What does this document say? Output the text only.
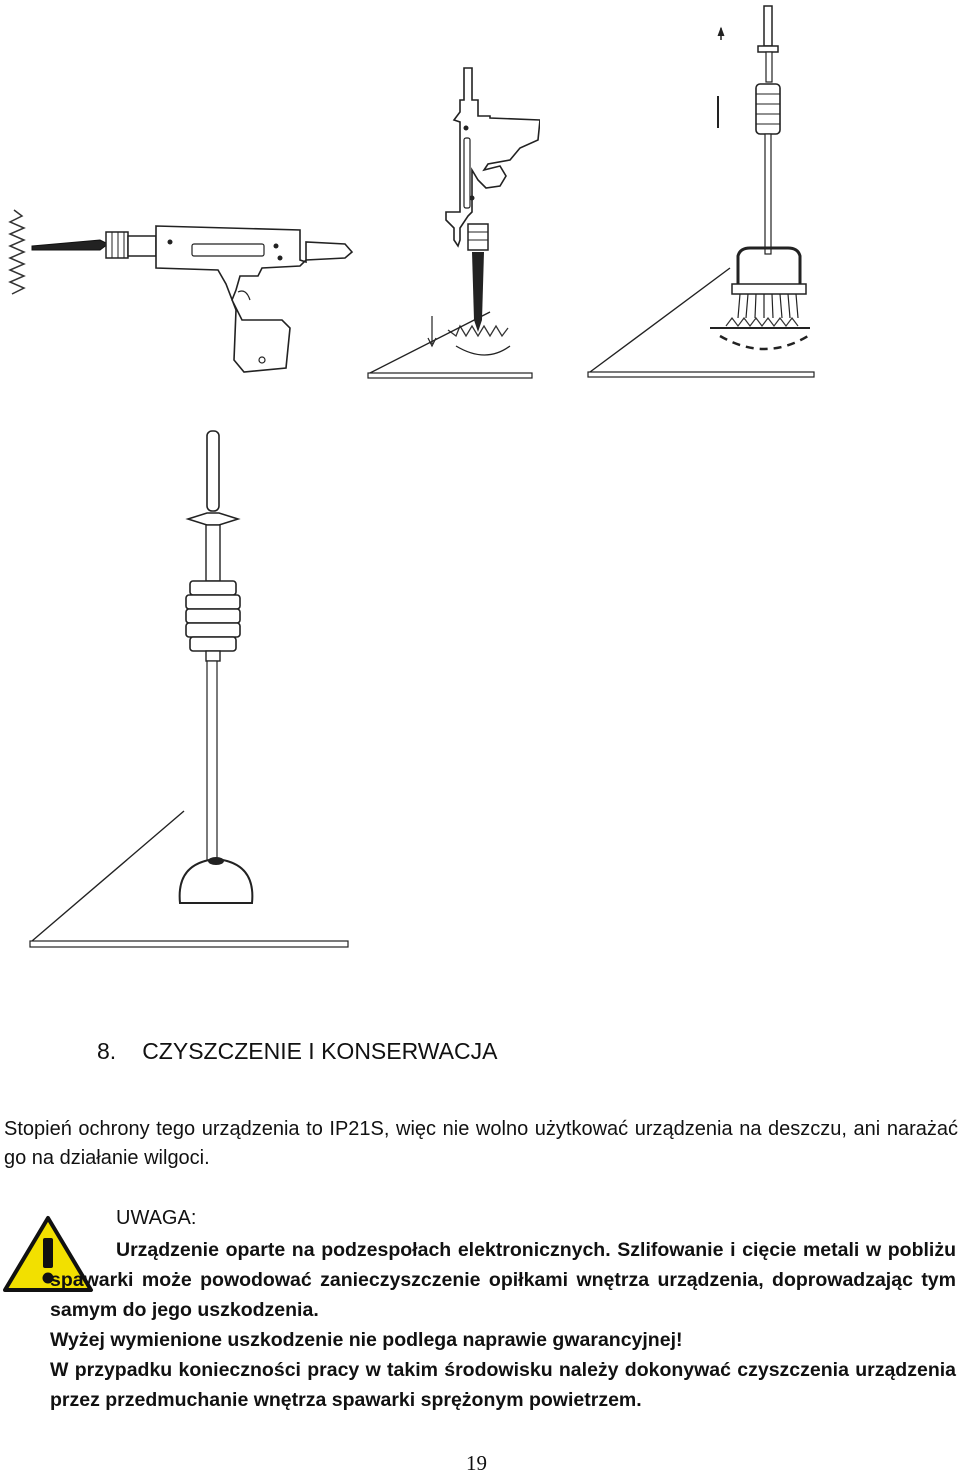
8. CZYSZCZENIE I KONSERWACJA
Stopień ochrony tego urządzenia to IP21S, więc nie wolno użytkować urządzenia na deszczu, ani narażać go na działanie wilgoci.
UWAGA:

Urządzenie oparte na podzespołach elektronicznych. Szlifowanie i cięcie metali w pobliżu spawarki może powodować zanieczyszczenie opiłkami wnętrza urządzenia, doprowadzając tym samym do jego uszkodzenia.

Wyżej wymienione uszkodzenie nie podlega naprawie gwarancyjnej!

W przypadku konieczności pracy w takim środowisku należy dokonywać czyszczenia urządzenia przez przedmuchanie wnętrza spawarki sprężonym powietrzem.

19
